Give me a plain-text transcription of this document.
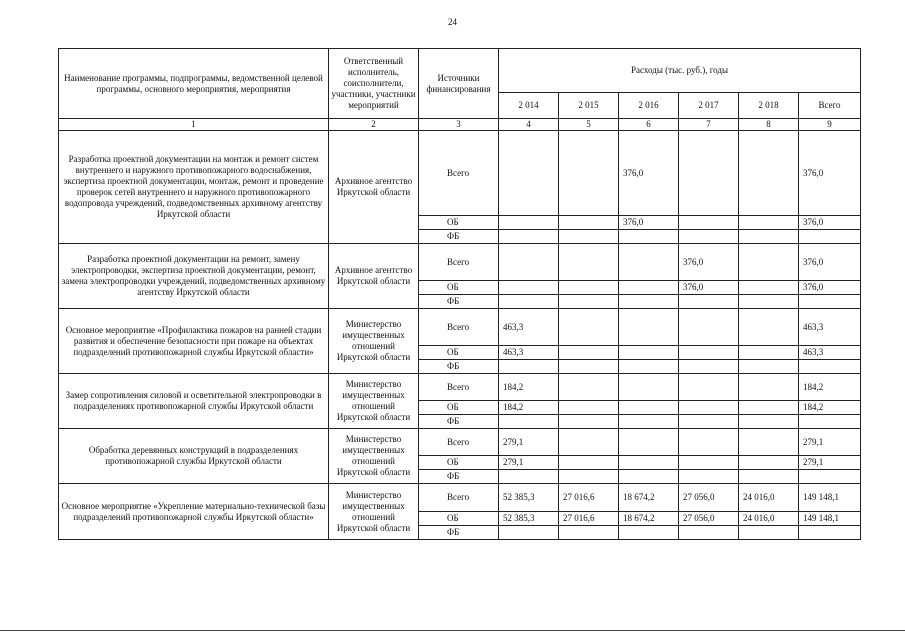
24
Наименование программы, подпрограммы, ведомственной целевой программы, основного мероприятия, мероприятия	Ответственный исполнитель, соисполнители, участники, участники мероприятий	Источники финансирования	Расходы (тыс. руб.), годы					
			2 014	2 015	2 016	2 017	2 018	Всего
1	2	3	4	5	6	7	8	9
Разработка проектной документации на монтаж и ремонт систем внутреннего и наружного противопожарного водоснабжения, экспертиза проектной документации, монтаж, ремонт и проведение проверок сетей внутреннего и наружного противопожарного водопровода учреждений, подведомственных архивному агентству Иркутской области	Архивное агентство Иркутской области	Всего			376,0			376,0
		ОБ			376,0			376,0
		ФБ						
Разработка проектной документации на ремонт, замену электропроводки, экспертиза проектной документации, ремонт, замена электропроводки учреждений, подведомственных архивному агентству Иркутской области	Архивное агентство Иркутской области	Всего				376,0		376,0
		ОБ				376,0		376,0
		ФБ						
Основное мероприятие «Профилактика пожаров на ранней стадии развития и обеспечение безопасности при пожаре на объектах подразделений противопожарной службы Иркутской области»	Министерство имущественных отношений Иркутской области	Всего	463,3					463,3
		ОБ	463,3					463,3
		ФБ						
Замер сопротивления силовой и осветительной электропроводки в подразделениях противопожарной службы Иркутской области	Министерство имущественных отношений Иркутской области	Всего	184,2					184,2
		ОБ	184,2					184,2
		ФБ						
Обработка деревянных конструкций в подразделениях противопожарной службы Иркутской области	Министерство имущественных отношений Иркутской области	Всего	279,1					279,1
		ОБ	279,1					279,1
		ФБ						
Основное мероприятие «Укрепление материально-технической базы подразделений противопожарной службы Иркутской области»	Министерство имущественных отношений Иркутской области	Всего	52 385,3	27 016,6	18 674,2	27 056,0	24 016,0	149 148,1
		ОБ	52 385,3	27 016,6	18 674,2	27 056,0	24 016,0	149 148,1
		ФБ						
